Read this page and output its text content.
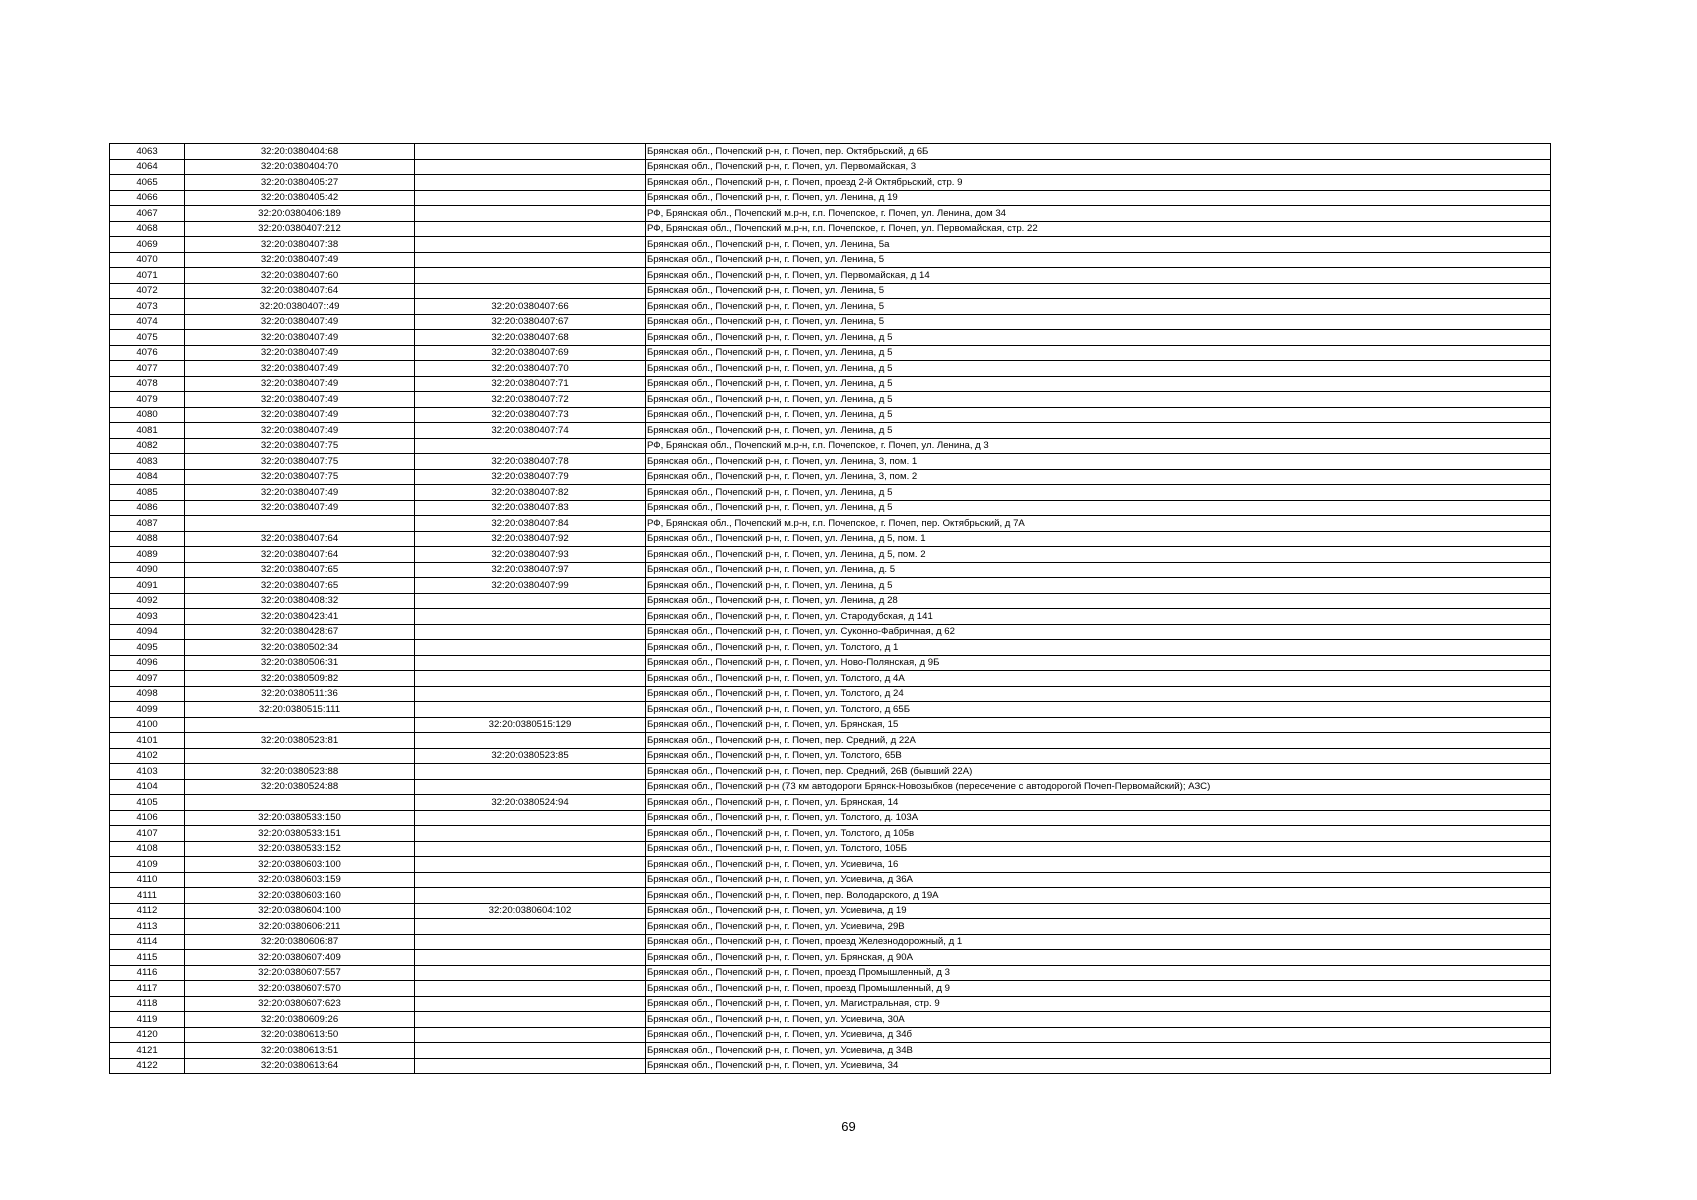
4063	32:20:0380404:68		Брянская обл., Почепский р-н, г. Почеп, пер. Октябрьский, д 6Б
4064	32:20:0380404:70		Брянская обл., Почепский р-н, г. Почеп, ул. Первомайская, 3
4065	32:20:0380405:27		Брянская обл., Почепский р-н, г. Почеп, проезд 2-й Октябрьский, стр. 9
4066	32:20:0380405:42		Брянская обл., Почепский р-н, г. Почеп, ул. Ленина, д 19
4067	32:20:0380406:189		РФ, Брянская обл., Почепский м.р-н, г.п. Почепское, г. Почеп, ул. Ленина, дом 34
4068	32:20:0380407:212		РФ, Брянская обл., Почепский м.р-н, г.п. Почепское, г. Почеп, ул. Первомайская, стр. 22
4069	32:20:0380407:38		Брянская обл., Почепский р-н, г. Почеп, ул. Ленина, 5а
4070	32:20:0380407:49		Брянская обл., Почепский р-н, г. Почеп, ул. Ленина, 5
4071	32:20:0380407:60		Брянская обл., Почепский р-н, г. Почеп, ул. Первомайская, д 14
4072	32:20:0380407:64		Брянская обл., Почепский р-н, г. Почеп, ул. Ленина, 5
4073	32:20:0380407::49	32:20:0380407:66	Брянская обл., Почепский р-н, г. Почеп, ул. Ленина, 5
4074	32:20:0380407:49	32:20:0380407:67	Брянская обл., Почепский р-н, г. Почеп, ул. Ленина, 5
4075	32:20:0380407:49	32:20:0380407:68	Брянская обл., Почепский р-н, г. Почеп, ул. Ленина, д 5
4076	32:20:0380407:49	32:20:0380407:69	Брянская обл., Почепский р-н, г. Почеп, ул. Ленина, д 5
4077	32:20:0380407:49	32:20:0380407:70	Брянская обл., Почепский р-н, г. Почеп, ул. Ленина, д 5
4078	32:20:0380407:49	32:20:0380407:71	Брянская обл., Почепский р-н, г. Почеп, ул. Ленина, д 5
4079	32:20:0380407:49	32:20:0380407:72	Брянская обл., Почепский р-н, г. Почеп, ул. Ленина, д 5
4080	32:20:0380407:49	32:20:0380407:73	Брянская обл., Почепский р-н, г. Почеп, ул. Ленина, д 5
4081	32:20:0380407:49	32:20:0380407:74	Брянская обл., Почепский р-н, г. Почеп, ул. Ленина, д 5
4082	32:20:0380407:75		РФ, Брянская обл., Почепский м.р-н, г.п. Почепское, г. Почеп, ул. Ленина, д 3
4083	32:20:0380407:75	32:20:0380407:78	Брянская обл., Почепский р-н, г. Почеп, ул. Ленина, 3, пом. 1
4084	32:20:0380407:75	32:20:0380407:79	Брянская обл., Почепский р-н, г. Почеп, ул. Ленина, 3, пом. 2
4085	32:20:0380407:49	32:20:0380407:82	Брянская обл., Почепский р-н, г. Почеп, ул. Ленина, д 5
4086	32:20:0380407:49	32:20:0380407:83	Брянская обл., Почепский р-н, г. Почеп, ул. Ленина, д 5
4087		32:20:0380407:84	РФ, Брянская обл., Почепский м.р-н, г.п. Почепское, г. Почеп, пер. Октябрьский, д 7А
4088	32:20:0380407:64	32:20:0380407:92	Брянская обл., Почепский р-н, г. Почеп, ул. Ленина, д 5, пом. 1
4089	32:20:0380407:64	32:20:0380407:93	Брянская обл., Почепский р-н, г. Почеп, ул. Ленина, д 5, пом. 2
4090	32:20:0380407:65	32:20:0380407:97	Брянская обл., Почепский р-н, г. Почеп, ул. Ленина, д. 5
4091	32:20:0380407:65	32:20:0380407:99	Брянская обл., Почепский р-н, г. Почеп, ул. Ленина, д 5
4092	32:20:0380408:32		Брянская обл., Почепский р-н, г. Почеп, ул. Ленина, д 28
4093	32:20:0380423:41		Брянская обл., Почепский р-н, г. Почеп, ул. Стародубская, д 141
4094	32:20:0380428:67		Брянская обл., Почепский р-н, г. Почеп, ул. Суконно-Фабричная, д 62
4095	32:20:0380502:34		Брянская обл., Почепский р-н, г. Почеп, ул. Толстого, д 1
4096	32:20:0380506:31		Брянская обл., Почепский р-н, г. Почеп, ул. Ново-Полянская, д 9Б
4097	32:20:0380509:82		Брянская обл., Почепский р-н, г. Почеп, ул. Толстого, д 4А
4098	32:20:0380511:36		Брянская обл., Почепский р-н, г. Почеп, ул. Толстого, д 24
4099	32:20:0380515:111		Брянская обл., Почепский р-н, г. Почеп, ул. Толстого, д 65Б
4100		32:20:0380515:129	Брянская обл., Почепский р-н, г. Почеп, ул. Брянская, 15
4101	32:20:0380523:81		Брянская обл., Почепский р-н, г. Почеп, пер. Средний, д 22А
4102		32:20:0380523:85	Брянская обл., Почепский р-н, г. Почеп, ул. Толстого, 65В
4103	32:20:0380523:88		Брянская обл., Почепский р-н, г. Почеп, пер. Средний, 26В (бывший 22А)
4104	32:20:0380524:88		Брянская обл., Почепский р-н (73 км автодороги Брянск-Новозыбков (пересечение с автодорогой Почеп-Первомайский); АЗС)
4105		32:20:0380524:94	Брянская обл., Почепский р-н, г. Почеп, ул. Брянская, 14
4106	32:20:0380533:150		Брянская обл., Почепский р-н, г. Почеп, ул. Толстого, д. 103А
4107	32:20:0380533:151		Брянская обл., Почепский р-н, г. Почеп, ул. Толстого, д 105в
4108	32:20:0380533:152		Брянская обл., Почепский р-н, г. Почеп, ул. Толстого, 105Б
4109	32:20:0380603:100		Брянская обл., Почепский р-н, г. Почеп, ул. Усиевича, 16
4110	32:20:0380603:159		Брянская обл., Почепский р-н, г. Почеп, ул. Усиевича, д 36А
4111	32:20:0380603:160		Брянская обл., Почепский р-н, г. Почеп, пер. Володарского, д 19А
4112	32:20:0380604:100	32:20:0380604:102	Брянская обл., Почепский р-н, г. Почеп, ул. Усиевича, д 19
4113	32:20:0380606:211		Брянская обл., Почепский р-н, г. Почеп, ул. Усиевича, 29В
4114	32:20:0380606:87		Брянская обл., Почепский р-н, г. Почеп, проезд Железнодорожный, д 1
4115	32:20:0380607:409		Брянская обл., Почепский р-н, г. Почеп, ул. Брянская, д 90А
4116	32:20:0380607:557		Брянская обл., Почепский р-н, г. Почеп, проезд Промышленный, д 3
4117	32:20:0380607:570		Брянская обл., Почепский р-н, г. Почеп, проезд Промышленный, д 9
4118	32:20:0380607:623		Брянская обл., Почепский р-н, г. Почеп, ул. Магистральная, стр. 9
4119	32:20:0380609:26		Брянская обл., Почепский р-н, г. Почеп, ул. Усиевича, 30А
4120	32:20:0380613:50		Брянская обл., Почепский р-н, г. Почеп, ул. Усиевича, д 34б
4121	32:20:0380613:51		Брянская обл., Почепский р-н, г. Почеп, ул. Усиевича, д 34В
4122	32:20:0380613:64		Брянская обл., Почепский р-н, г. Почеп, ул. Усиевича, 34
69
